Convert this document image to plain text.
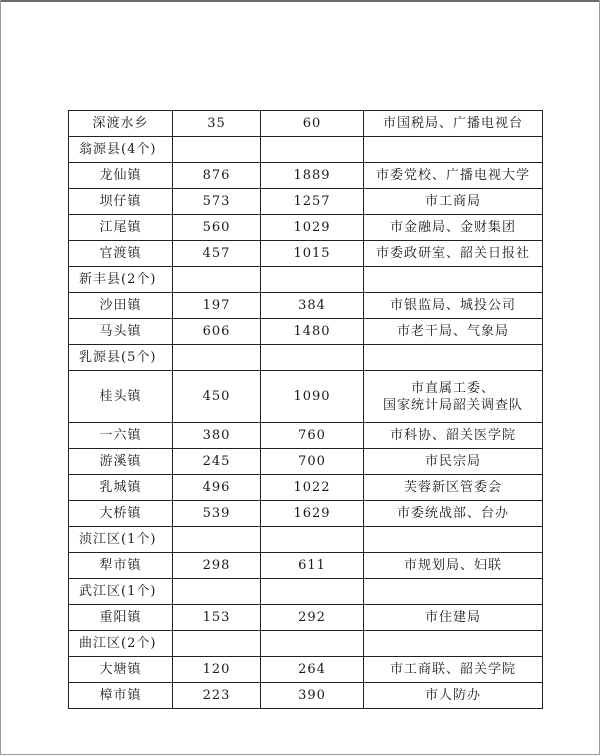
深渡水乡	35	60	市国税局、广播电视台

翁源县(4个)			
龙仙镇	876	1889	市委党校、广播电视大学

坝仔镇	573	1257	市工商局

江尾镇	560	1029	市金融局、金财集团

官渡镇	457	1015	市委政研室、韶关日报社

新丰县(2个)			
沙田镇	197	384	市银监局、城投公司

马头镇	606	1480	市老干局、气象局

乳源县(5个)			
桂头镇	450	1090	市直属工委、
国家统计局韶关调查队

一六镇	380	760	市科协、韶关医学院

游溪镇	245	700	市民宗局

乳城镇	496	1022	芙蓉新区管委会

大桥镇	539	1629	市委统战部、台办

浈江区(1个)			
犁市镇	298	611	市规划局、妇联

武江区(1个)			
重阳镇	153	292	市住建局

曲江区(2个)			
大塘镇	120	264	市工商联、韶关学院

樟市镇	223	390	市人防办
